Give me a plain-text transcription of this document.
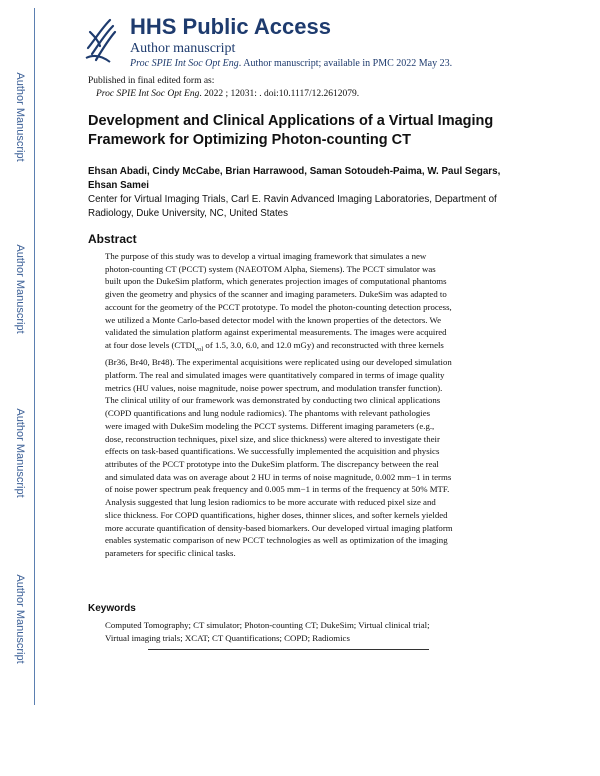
Author Manuscript
Author Manuscript
Author Manuscript
Author Manuscript
HHS Public Access
Author manuscript
Proc SPIE Int Soc Opt Eng. Author manuscript; available in PMC 2022 May 23.
Published in final edited form as:
Proc SPIE Int Soc Opt Eng. 2022 ; 12031: . doi:10.1117/12.2612079.
Development and Clinical Applications of a Virtual Imaging Framework for Optimizing Photon-counting CT
Ehsan Abadi, Cindy McCabe, Brian Harrawood, Saman Sotoudeh-Paima, W. Paul Segars, Ehsan Samei
Center for Virtual Imaging Trials, Carl E. Ravin Advanced Imaging Laboratories, Department of Radiology, Duke University, NC, United States
Abstract

The purpose of this study was to develop a virtual imaging framework that simulates a new

photon-counting CT (PCCT) system (NAEOTOM Alpha, Siemens). The PCCT simulator was

built upon the DukeSim platform, which generates projection images of computational phantoms

given the geometry and physics of the scanner and imaging parameters. DukeSim was adapted to

account for the geometry of the PCCT prototype. To model the photon-counting detection process,

we utilized a Monte Carlo-based detector model with the known properties of the detectors. We

validated the simulation platform against experimental measurements. The images were acquired

at four dose levels ($CTDI_{vol}$ of 1.5, 3.0, 6.0, and 12.0 mGy) and reconstructed with three kernels

(Br36, Br40, Br48). The experimental acquisitions were replicated using our developed simulation

platform. The real and simulated images were quantitatively compared in terms of image quality

metrics (HU values, noise magnitude, noise power spectrum, and modulation transfer function).

The clinical utility of our framework was demonstrated by conducting two clinical applications

(COPD quantifications and lung nodule radiomics). The phantoms with relevant pathologies

were imaged with DukeSim modeling the PCCT systems. Different imaging parameters (e.g.,

dose, reconstruction techniques, pixel size, and slice thickness) were altered to investigate their

effects on task-based quantifications. We successfully implemented the acquisition and physics

attributes of the PCCT prototype into the DukeSim platform. The discrepancy between the real

and simulated data was on average about 2 HU in terms of noise magnitude, 0.002 mm−1 in terms

of noise power spectrum peak frequency and 0.005 mm−1 in terms of the frequency at 50% MTF.

Analysis suggested that lung lesion radiomics to be more accurate with reduced pixel size and

slice thickness. For COPD quantifications, higher doses, thinner slices, and softer kernels yielded

more accurate quantification of density-based biomarkers. Our developed virtual imaging platform

enables systematic comparison of new PCCT technologies as well as optimization of the imaging

parameters for specific clinical tasks.

Keywords

Computed Tomography; CT simulator; Photon-counting CT; DukeSim; Virtual clinical trial;

Virtual imaging trials; XCAT; CT Quantifications; COPD; Radiomics
